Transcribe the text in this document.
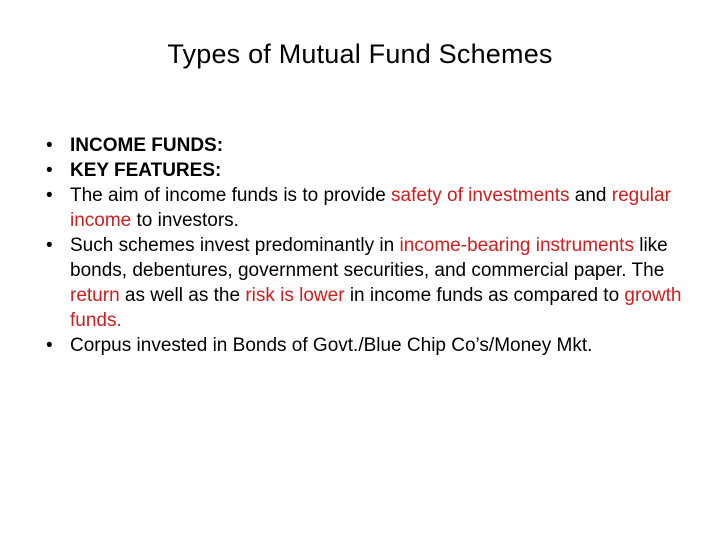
Types of Mutual Fund Schemes
• INCOME FUNDS:
• KEY FEATURES:
• The aim of income funds is to provide safety of investments and regular income to investors.
• Such schemes invest predominantly in income-bearing instruments like bonds, debentures, government securities, and commercial paper. The return as well as the risk is lower in income funds as compared to growth funds.
• Corpus invested in Bonds of Govt./Blue Chip Co’s/Money Mkt.
